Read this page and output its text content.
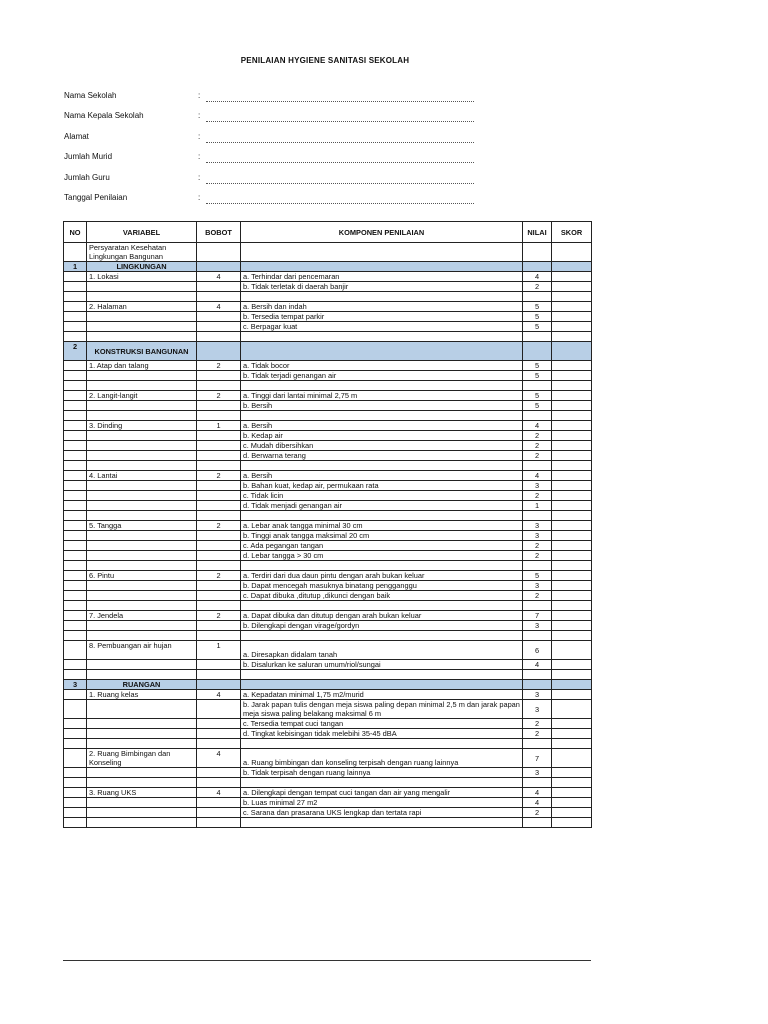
PENILAIAN HYGIENE SANITASI SEKOLAH
Nama Sekolah	:
Nama Kepala Sekolah	:
Alamat	:
Jumlah Murid	:
Jumlah Guru	:
Tanggal Penilaian	:
NO	VARIABEL	BOBOT	KOMPONEN PENILAIAN	NILAI	SKOR
	Persyaratan Kesehatan Lingkungan Bangunan				
1	LINGKUNGAN				
	1. Lokasi	4	a. Terhindar dari pencemaran	4	
			b. Tidak terletak di daerah banjir	2	

	2. Halaman	4	a. Bersih dan indah	5	
			b. Tersedia tempat parkir	5	
			c. Berpagar kuat	5	

2	KONSTRUKSI BANGUNAN				
	1. Atap dan talang	2	a. Tidak bocor	5	
			b. Tidak terjadi genangan air	5	

	2. Langit-langit	2	a. Tinggi dari lantai minimal 2,75 m	5	
			b. Bersih	5	

	3. Dinding	1	a. Bersih	4	
			b. Kedap air	2	
			c. Mudah dibersihkan	2	
			d. Berwarna terang	2	

	4. Lantai	2	a. Bersih	4	
			b. Bahan kuat, kedap air, permukaan rata	3	
			c. Tidak licin	2	
			d. Tidak menjadi genangan air	1	

	5. Tangga	2	a. Lebar anak tangga minimal 30 cm	3	
			b. Tinggi anak tangga maksimal 20 cm	3	
			c. Ada pegangan tangan	2	
			d. Lebar tangga > 30 cm	2	

	6. Pintu	2	a. Terdiri dari dua daun pintu dengan arah bukan keluar	5	
			b. Dapat mencegah masuknya binatang pengganggu	3	
			c. Dapat dibuka ,ditutup ,dikunci dengan baik	2	

	7. Jendela	2	a. Dapat dibuka dan ditutup dengan arah bukan keluar	7	
			b. Dilengkapi dengan virage/gordyn	3	

	8. Pembuangan air hujan	1	a. Diresapkan didalam tanah	6	
			b. Disalurkan ke saluran umum/riol/sungai	4	

3	RUANGAN				
	1. Ruang kelas	4	a. Kepadatan minimal 1,75 m2/murid	3	
			b. Jarak papan tulis dengan meja siswa paling depan minimal 2,5 m dan jarak papan meja siswa paling belakang maksimal 6 m	3	
			c. Tersedia tempat cuci tangan	2	
			d. Tingkat kebisingan tidak melebihi 35-45 dBA	2	

	2. Ruang Bimbingan dan Konseling	4	a. Ruang bimbingan dan konseling terpisah dengan ruang lainnya	7	
			b. Tidak terpisah dengan ruang lainnya	3	

	3. Ruang UKS	4	a. Dilengkapi dengan tempat cuci tangan dan air yang mengalir	4	
			b. Luas minimal 27 m2	4	
			c. Sarana dan prasarana UKS lengkap dan tertata rapi	2	
